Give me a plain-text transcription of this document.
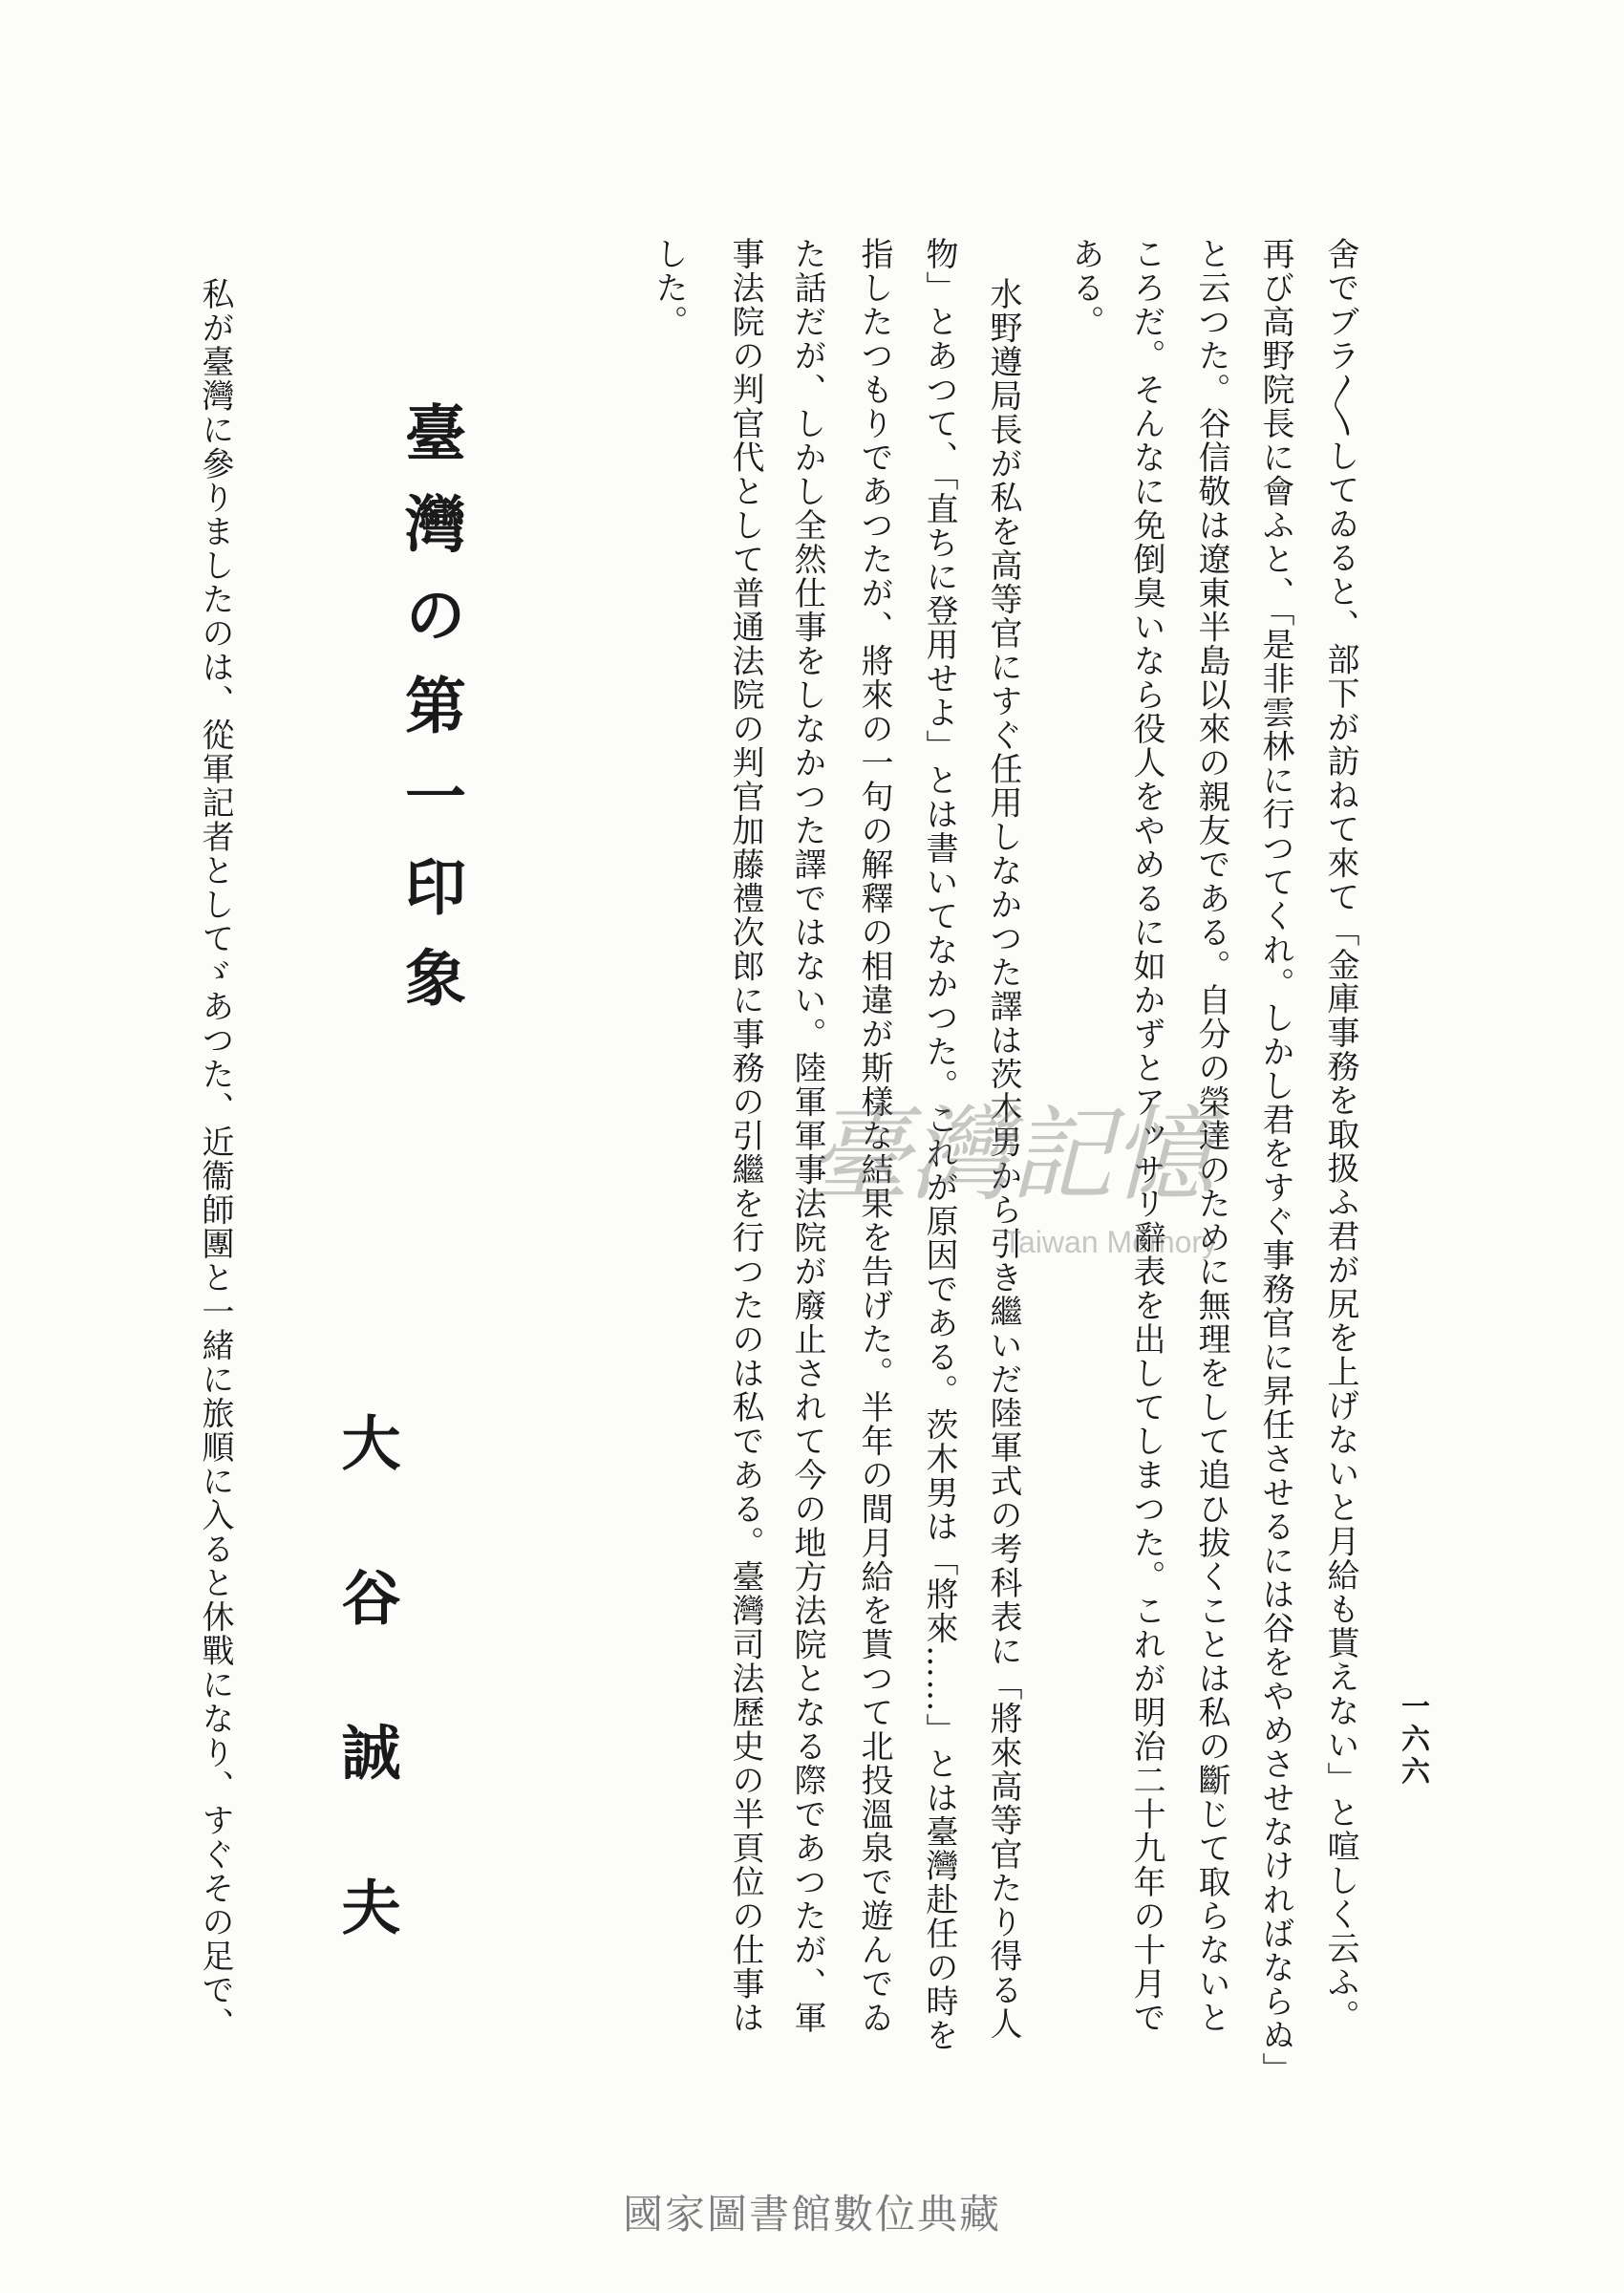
一六六
舍でブラ〳〵してゐると、部下が訪ねて來て「金庫事務を取扱ふ君が尻を上げないと月給も貰えない」と喧しく云ふ。
再び高野院長に會ふと、「是非雲林に行つてくれ。しかし君をすぐ事務官に昇任させるには谷をやめさせなければならぬ」
と云つた。谷信敬は遼東半島以來の親友である。自分の榮達のために無理をして追ひ拔くことは私の斷じて取らないと
ころだ。そんなに免倒臭いなら役人をやめるに如かずとアッサリ辭表を出してしまつた。これが明治二十九年の十月で
ある。
水野遵局長が私を高等官にすぐ任用しなかつた譯は茨木男から引き繼いだ陸軍式の考科表に「將來高等官たり得る人
物」とあつて、「直ちに登用せよ」とは書いてなかつた。これが原因である。茨木男は「將來……」とは臺灣赴任の時を
指したつもりであつたが、將來の一句の解釋の相違が斯樣な結果を告げた。半年の間月給を貰つて北投溫泉で遊んでゐ
た話だが、しかし全然仕事をしなかつた譯ではない。陸軍軍事法院が廢止されて今の地方法院となる際であつたが、軍
事法院の判官代として普通法院の判官加藤禮次郎に事務の引繼を行つたのは私である。臺灣司法歷史の半頁位の仕事は
した。
臺灣の第一印象
大谷誠夫
私が臺灣に參りましたのは、從軍記者としてゞあつた、近衞師團と一緒に旅順に入ると休戰になり、すぐその足で、	臺灣記憶
Taiwan Memory
國家圖書館數位典藏
